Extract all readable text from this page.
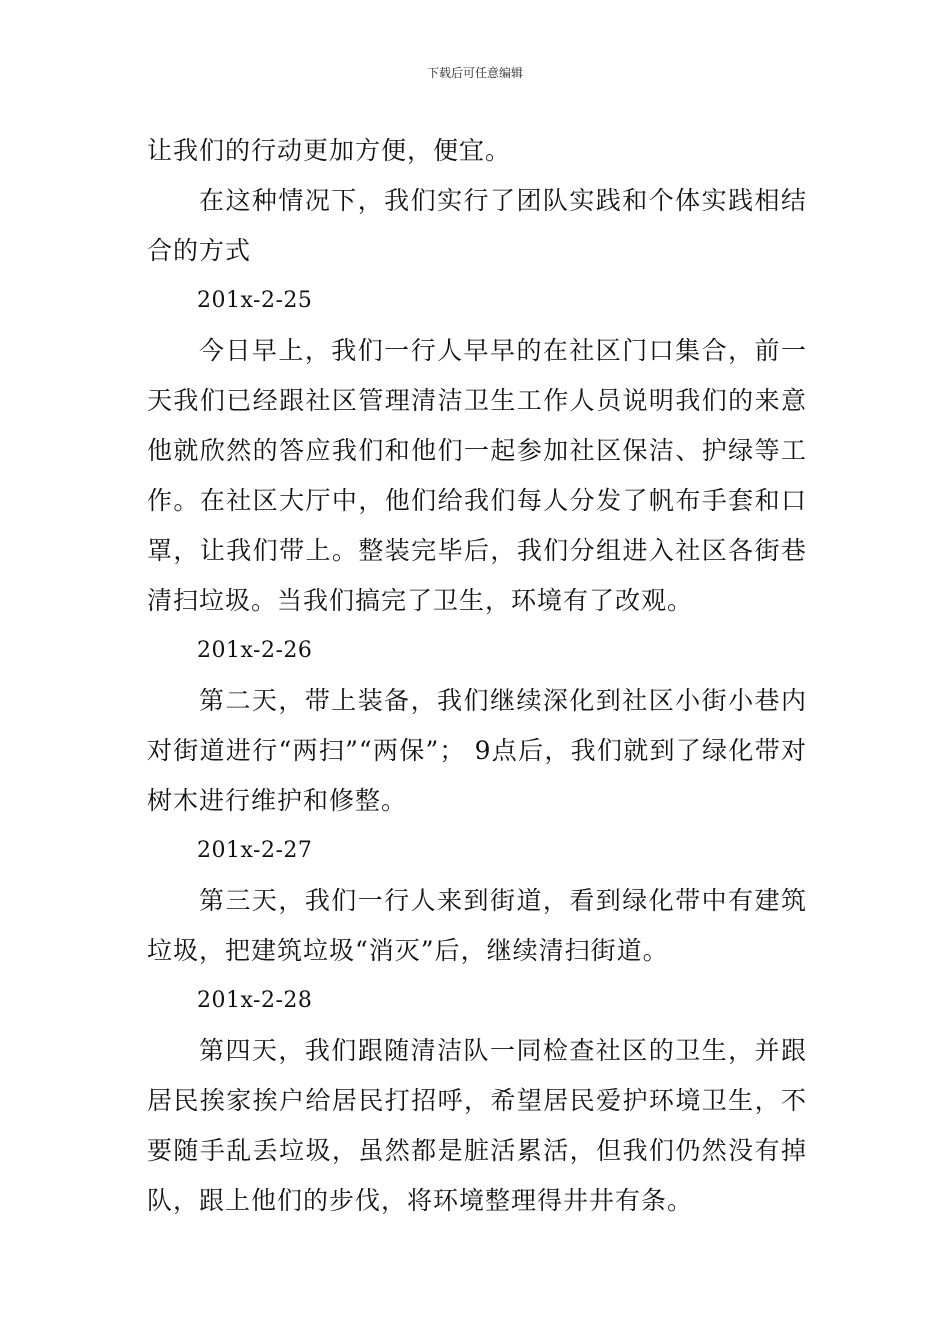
下载后可任意编辑

让我们的行动更加方便，便宜。

在这种情况下，我们实行了团队实践和个体实践相结合的方式

201x-2-25

今日早上，我们一行人早早的在社区门口集合，前一天我们已经跟社区管理清洁卫生工作人员说明我们的来意他就欣然的答应我们和他们一起参加社区保洁、护绿等工作。在社区大厅中，他们给我们每人分发了帆布手套和口罩，让我们带上。整装完毕后，我们分组进入社区各街巷清扫垃圾。当我们搞完了卫生，环境有了改观。

201x-2-26

第二天，带上装备，我们继续深化到社区小街小巷内对街道进行“两扫”“两保”； 9点后，我们就到了绿化带对树木进行维护和修整。

201x-2-27

第三天，我们一行人来到街道，看到绿化带中有建筑垃圾，把建筑垃圾“消灭”后，继续清扫街道。

201x-2-28

第四天，我们跟随清洁队一同检查社区的卫生，并跟居民挨家挨户给居民打招呼，希望居民爱护环境卫生，不要随手乱丢垃圾，虽然都是脏活累活，但我们仍然没有掉队，跟上他们的步伐，将环境整理得井井有条。
